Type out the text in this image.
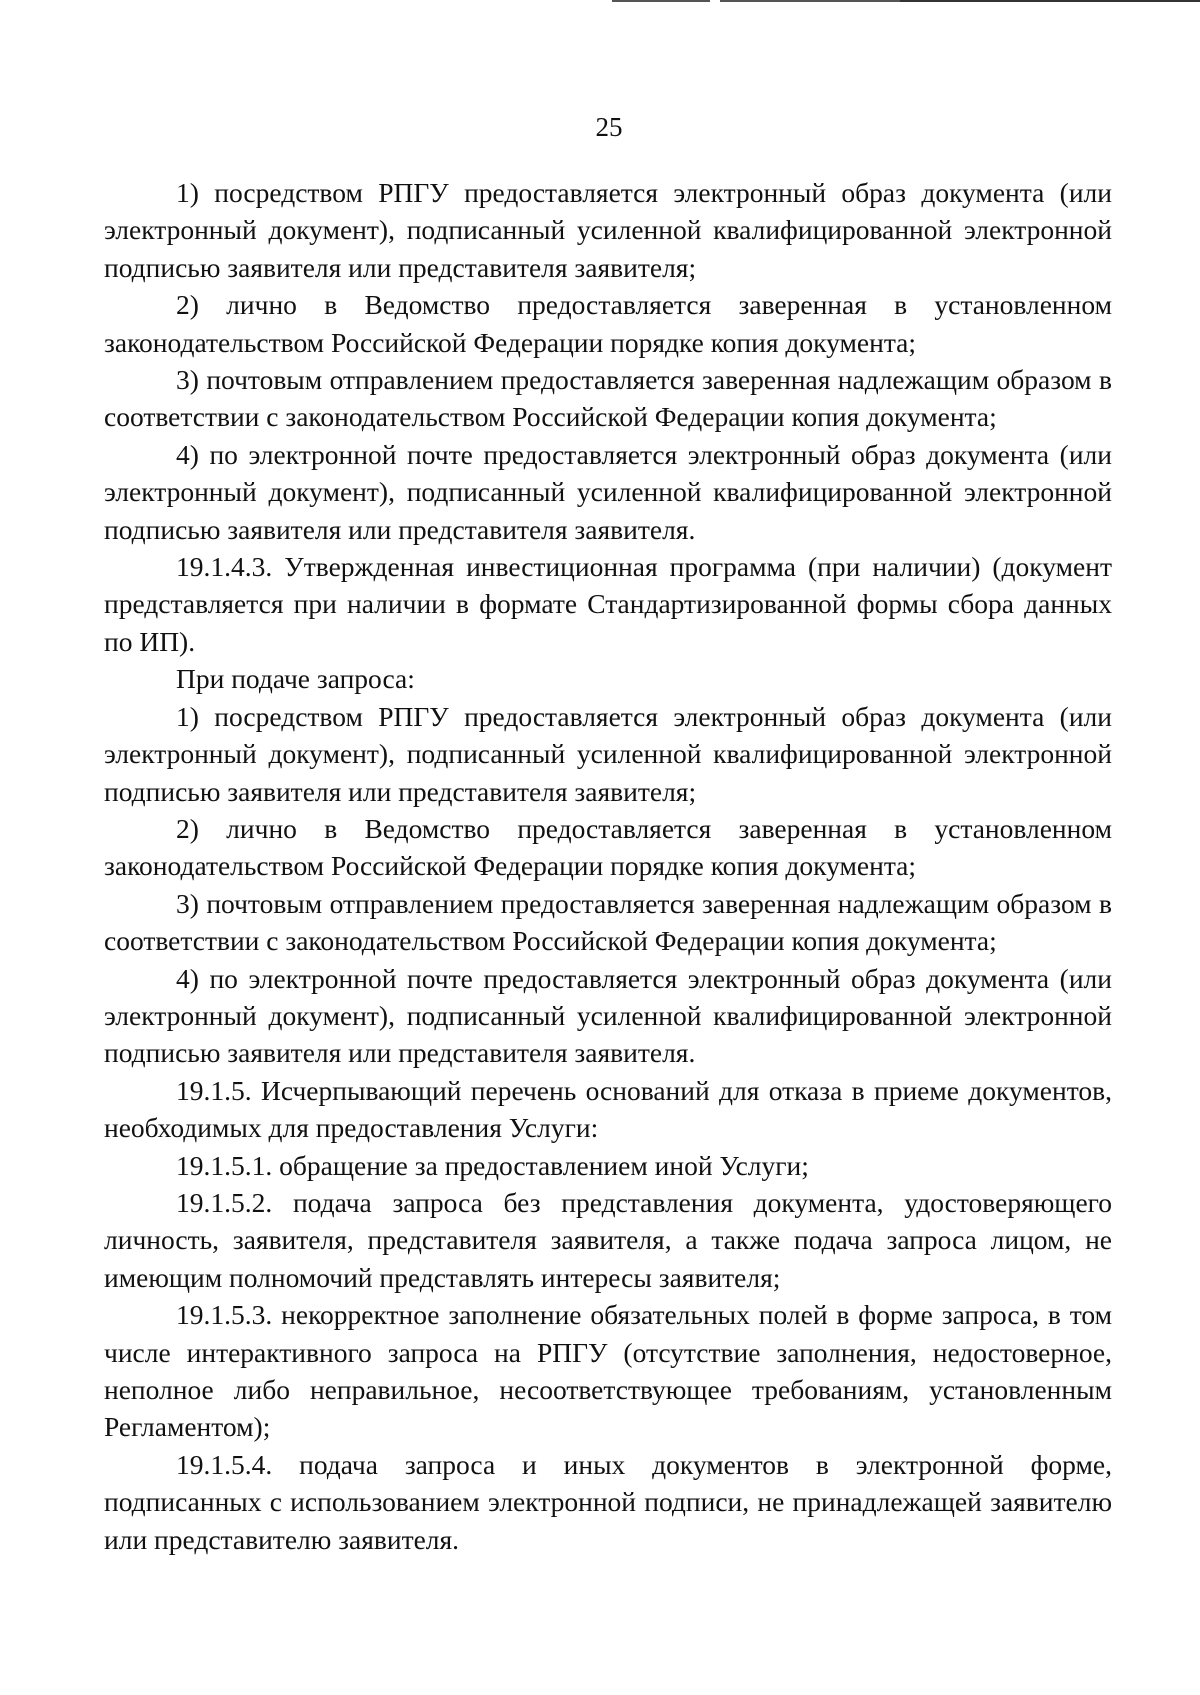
25

1) посредством РПГУ предоставляется электронный образ документа (или электронный документ), подписанный усиленной квалифицированной электронной подписью заявителя или представителя заявителя;

2) лично в Ведомство предоставляется заверенная в установленном законодательством Российской Федерации порядке копия документа;

3) почтовым отправлением предоставляется заверенная надлежащим образом в соответствии с законодательством Российской Федерации копия документа;

4) по электронной почте предоставляется электронный образ документа (или электронный документ), подписанный усиленной квалифицированной электронной подписью заявителя или представителя заявителя.

19.1.4.3. Утвержденная инвестиционная программа (при наличии) (документ представляется при наличии в формате Стандартизированной формы сбора данных по ИП).

При подаче запроса:

1) посредством РПГУ предоставляется электронный образ документа (или электронный документ), подписанный усиленной квалифицированной электронной подписью заявителя или представителя заявителя;

2) лично в Ведомство предоставляется заверенная в установленном законодательством Российской Федерации порядке копия документа;

3) почтовым отправлением предоставляется заверенная надлежащим образом в соответствии с законодательством Российской Федерации копия документа;

4) по электронной почте предоставляется электронный образ документа (или электронный документ), подписанный усиленной квалифицированной электронной подписью заявителя или представителя заявителя.

19.1.5. Исчерпывающий перечень оснований для отказа в приеме документов, необходимых для предоставления Услуги:

19.1.5.1. обращение за предоставлением иной Услуги;

19.1.5.2. подача запроса без представления документа, удостоверяющего личность, заявителя, представителя заявителя, а также подача запроса лицом, не имеющим полномочий представлять интересы заявителя;

19.1.5.3. некорректное заполнение обязательных полей в форме запроса, в том числе интерактивного запроса на РПГУ (отсутствие заполнения, недостоверное, неполное либо неправильное, несоответствующее требованиям, установленным Регламентом);

19.1.5.4. подача запроса и иных документов в электронной форме, подписанных с использованием электронной подписи, не принадлежащей заявителю или представителю заявителя.
